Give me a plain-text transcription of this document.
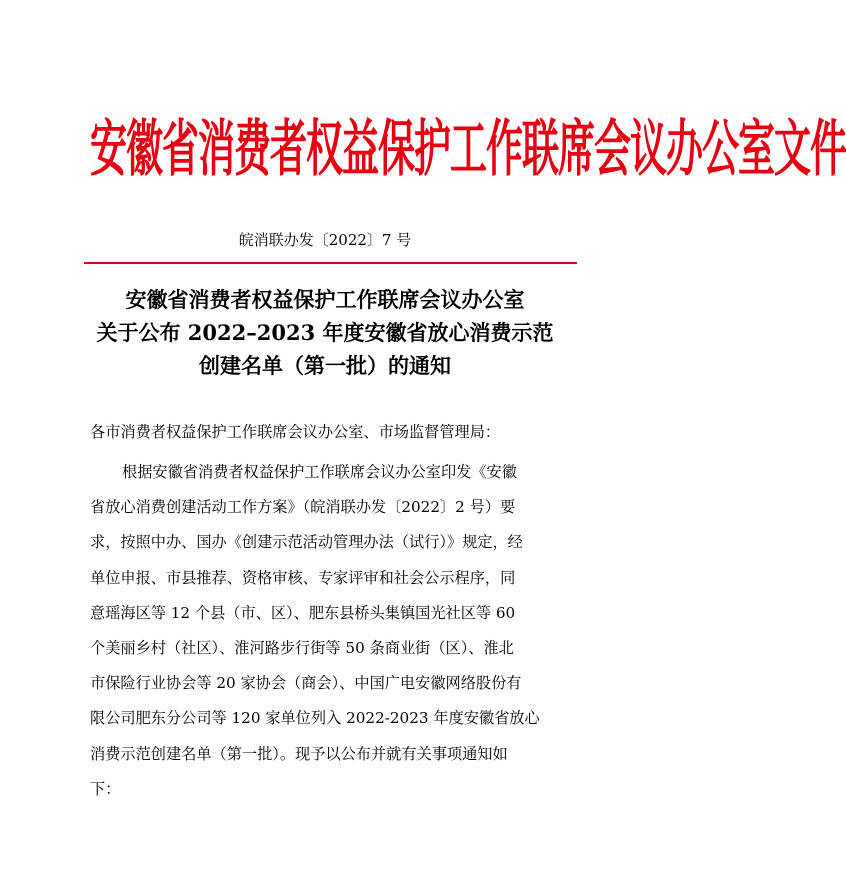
安徽省消费者权益保护工作联席会议办公室文件
皖消联办发〔2022〕7 号
安徽省消费者权益保护工作联席会议办公室
关于公布 2022–2023 年度安徽省放心消费示范
创建名单（第一批）的通知
各市消费者权益保护工作联席会议办公室、市场监督管理局：
根据安徽省消费者权益保护工作联席会议办公室印发《安徽
省放心消费创建活动工作方案》（皖消联办发〔2022〕2 号）要
求，按照中办、国办《创建示范活动管理办法（试行）》规定，经
单位申报、市县推荐、资格审核、专家评审和社会公示程序，同
意瑶海区等 12 个县（市、区）、肥东县桥头集镇国光社区等 60
个美丽乡村（社区）、淮河路步行街等 50 条商业街（区）、淮北
市保险行业协会等 20 家协会（商会）、中国广电安徽网络股份有
限公司肥东分公司等 120 家单位列入 2022-2023 年度安徽省放心
消费示范创建名单（第一批）。现予以公布并就有关事项通知如
下：
